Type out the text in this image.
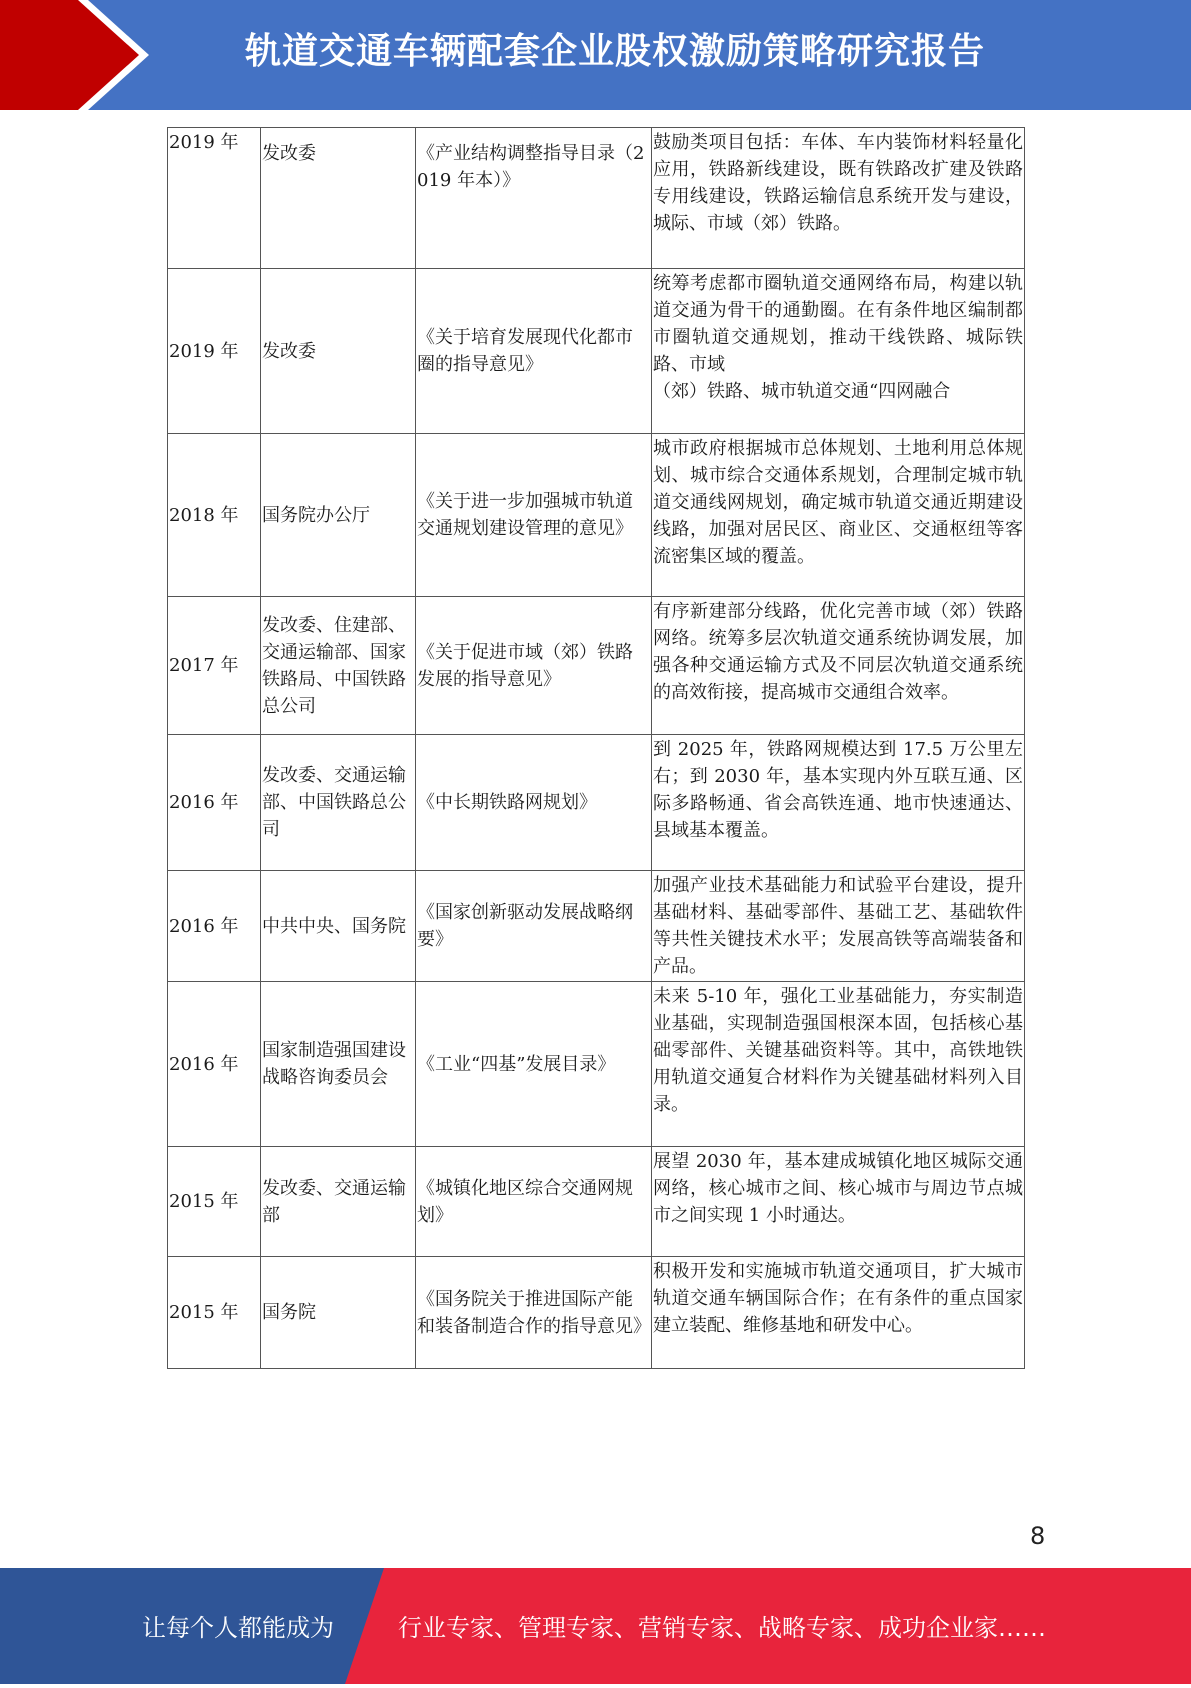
轨道交通车辆配套企业股权激励策略研究报告
2019 年	发改委	《产业结构调整指导目录（2019 年本）》	鼓励类项目包括：车体、车内装饰材料轻量化应用，铁路新线建设，既有铁路改扩建及铁路专用线建设，铁路运输信息系统开发与建设，城际、市域（郊）铁路。

2019 年	发改委	《关于培育发展现代化都市圈的指导意见》	统筹考虑都市圈轨道交通网络布局，构建以轨道交通为骨干的通勤圈。在有条件地区编制都市圈轨道交通规划，推动干线铁路、城际铁路、市域
（郊）铁路、城市轨道交通“四网融合

2018 年	国务院办公厅	《关于进一步加强城市轨道交通规划建设管理的意见》	城市政府根据城市总体规划、土地利用总体规划、城市综合交通体系规划，合理制定城市轨道交通线网规划，确定城市轨道交通近期建设线路，加强对居民区、商业区、交通枢纽等客流密集区域的覆盖。

2017 年	发改委、住建部、交通运输部、国家铁路局、中国铁路总公司	《关于促进市域（郊）铁路发展的指导意见》	有序新建部分线路，优化完善市域（郊）铁路网络。统筹多层次轨道交通系统协调发展，加强各种交通运输方式及不同层次轨道交通系统的高效衔接，提高城市交通组合效率。

2016 年	发改委、交通运输部、中国铁路总公司	《中长期铁路网规划》	到 2025 年，铁路网规模达到 17.5 万公里左右；到 2030 年，基本实现内外互联互通、区际多路畅通、省会高铁连通、地市快速通达、县域基本覆盖。

2016 年	中共中央、国务院	《国家创新驱动发展战略纲要》	加强产业技术基础能力和试验平台建设，提升基础材料、基础零部件、基础工艺、基础软件等共性关键技术水平；发展高铁等高端装备和产品。

2016 年	国家制造强国建设战略咨询委员会	《工业“四基”发展目录》	未来 5-10 年，强化工业基础能力，夯实制造业基础，实现制造强国根深本固，包括核心基础零部件、关键基础资料等。其中，高铁地铁用轨道交通复合材料作为关键基础材料列入目录。

2015 年	发改委、交通运输部	《城镇化地区综合交通网规划》	展望 2030 年，基本建成城镇化地区城际交通网络，核心城市之间、核心城市与周边节点城市之间实现 1 小时通达。

2015 年	国务院	《国务院关于推进国际产能和装备制造合作的指导意见》	积极开发和实施城市轨道交通项目，扩大城市轨道交通车辆国际合作；在有条件的重点国家建立装配、维修基地和研发中心。
8
让每个人都能成为	行业专家、管理专家、营销专家、战略专家、成功企业家……
